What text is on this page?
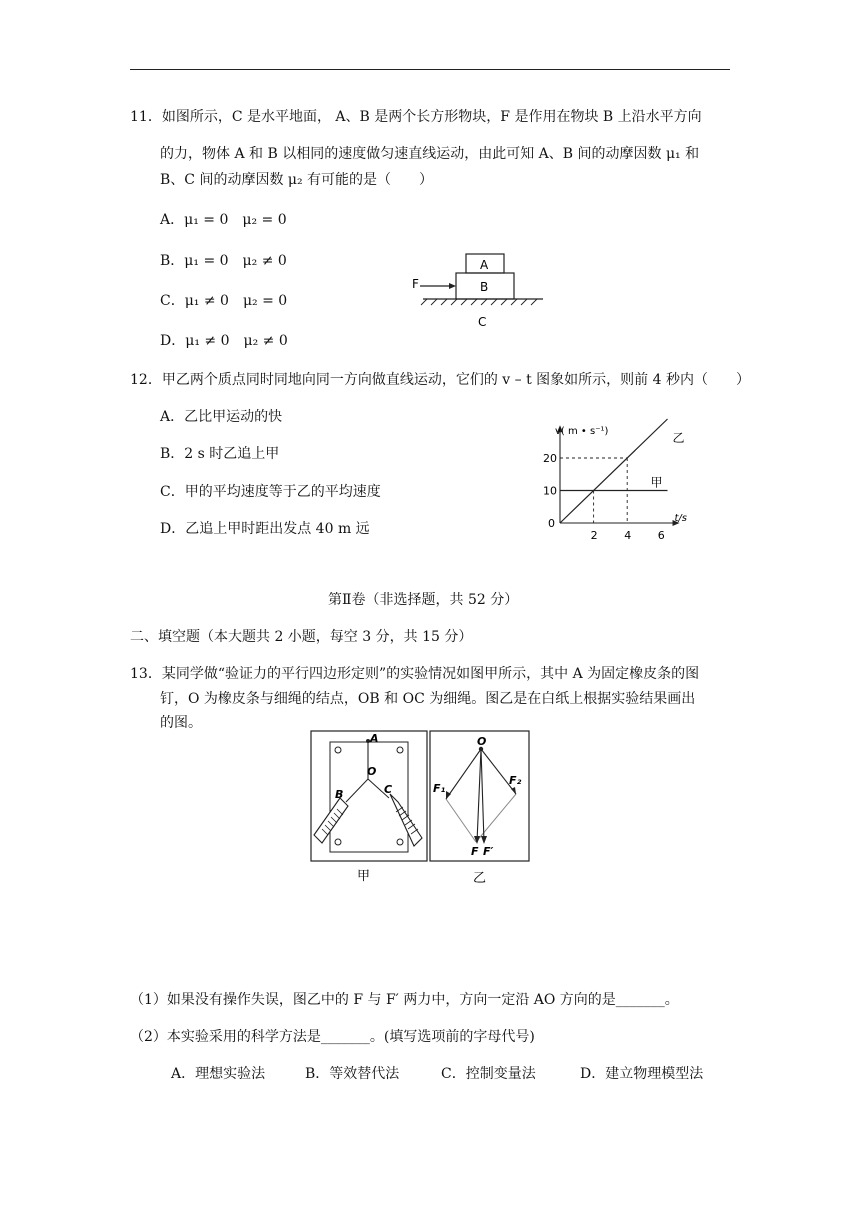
11．如图所示，C 是水平地面， A、B 是两个长方形物块，F 是作用在物块 B 上沿水平方向
的力，物体 A 和 B 以相同的速度做匀速直线运动，由此可知 A、B 间的动摩因数 μ₁ 和
B、C 间的动摩因数 μ₂ 有可能的是（　　）
A．μ₁ = 0　μ₂ = 0
B．μ₁ = 0　μ₂ ≠ 0
C．μ₁ ≠ 0　μ₂ = 0
D．μ₁ ≠ 0　μ₂ ≠ 0
F
A
B
C
12．甲乙两个质点同时同地向同一方向做直线运动，它们的 v – t 图象如所示，则前 4 秒内（　　）
A．乙比甲运动的快
B．2 s 时乙追上甲
C．甲的平均速度等于乙的平均速度
D．乙追上甲时距出发点 40 m 远
甲
乙
2 4 6
0
10
20
v( m • s⁻¹)
t/s
第Ⅱ卷（非选择题，共 52 分）
二、填空题（本大题共 2 小题，每空 3 分，共 15 分）
13．某同学做“验证力的平行四边形定则”的实验情况如图甲所示，其中 A 为固定橡皮条的图
钉，O 为橡皮条与细绳的结点，OB 和 OC 为细绳。图乙是在白纸上根据实验结果画出
的图。
A
O
B	C
甲
O
F₁
F₂
F F′
乙
（1）如果没有操作失误，图乙中的 F 与 F′ 两力中，方向一定沿 AO 方向的是_______。
（2）本实验采用的科学方法是_______。(填写选项前的字母代号)
A．理想实验法	B．等效替代法	C．控制变量法	D．建立物理模型法
